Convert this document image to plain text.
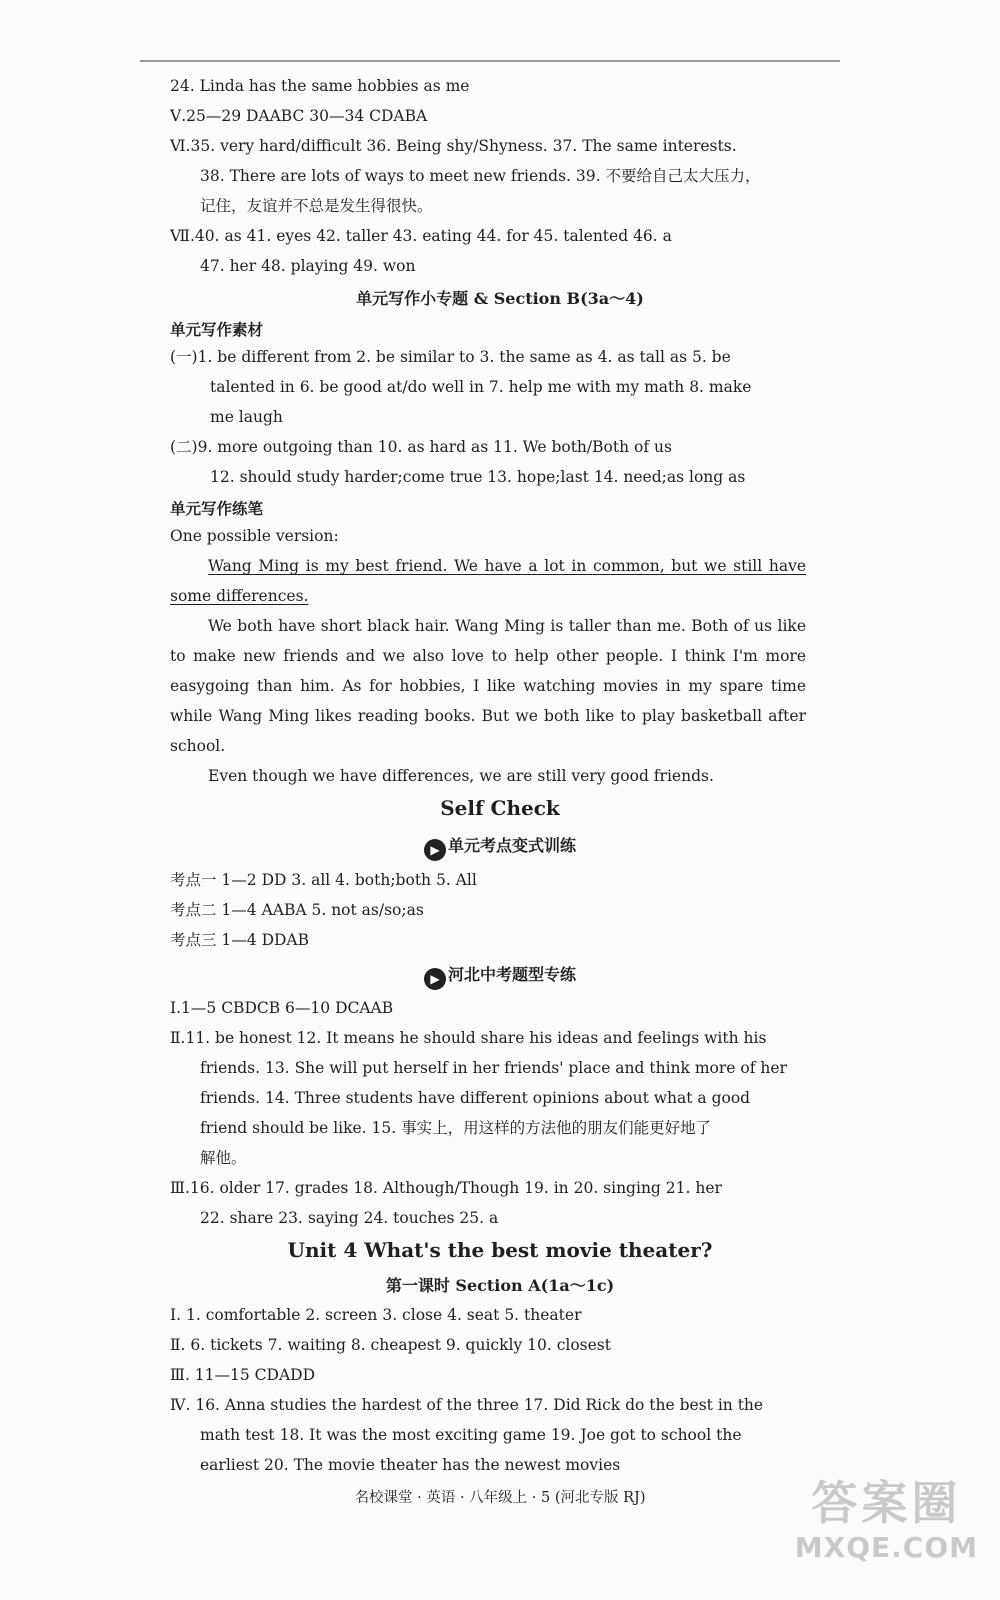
24. Linda has the same hobbies as me
Ⅴ.25—29 DAABC 30—34 CDABA
Ⅵ.35. very hard/difficult 36. Being shy/Shyness. 37. The same interests.
38. There are lots of ways to meet new friends. 39. 不要给自己太大压力，
记住，友谊并不总是发生得很快。
Ⅶ.40. as 41. eyes 42. taller 43. eating 44. for 45. talented 46. a
47. her 48. playing 49. won
单元写作小专题 & Section B(3a～4)
单元写作素材
(一)1. be different from 2. be similar to 3. the same as 4. as tall as 5. be
talented in 6. be good at/do well in 7. help me with my math 8. make
me laugh
(二)9. more outgoing than 10. as hard as 11. We both/Both of us
12. should study harder;come true 13. hope;last 14. need;as long as
单元写作练笔
One possible version:
Wang Ming is my best friend. We have a lot in common, but we still have some differences.
We both have short black hair. Wang Ming is taller than me. Both of us like to make new friends and we also love to help other people. I think I'm more easygoing than him. As for hobbies, I like watching movies in my spare time while Wang Ming likes reading books. But we both like to play basketball after school.
Even though we have differences, we are still very good friends.
Self Check
▶ 单元考点变式训练
考点一 1—2 DD 3. all 4. both;both 5. All
考点二 1—4 AABA 5. not as/so;as
考点三 1—4 DDAB
▶ 河北中考题型专练
Ⅰ.1—5 CBDCB 6—10 DCAAB
Ⅱ.11. be honest 12. It means he should share his ideas and feelings with his
friends. 13. She will put herself in her friends' place and think more of her
friends. 14. Three students have different opinions about what a good
friend should be like. 15. 事实上，用这样的方法他的朋友们能更好地了
解他。
Ⅲ.16. older 17. grades 18. Although/Though 19. in 20. singing 21. her
22. share 23. saying 24. touches 25. a
Unit 4 What's the best movie theater?
第一课时 Section A(1a～1c)
Ⅰ. 1. comfortable 2. screen 3. close 4. seat 5. theater
Ⅱ. 6. tickets 7. waiting 8. cheapest 9. quickly 10. closest
Ⅲ. 11—15 CDADD
Ⅳ. 16. Anna studies the hardest of the three 17. Did Rick do the best in the
math test 18. It was the most exciting game 19. Joe got to school the
earliest 20. The movie theater has the newest movies
名校课堂 · 英语 · 八年级上 · 5 (河北专版 RJ)	答案圈
MXQE.COM
